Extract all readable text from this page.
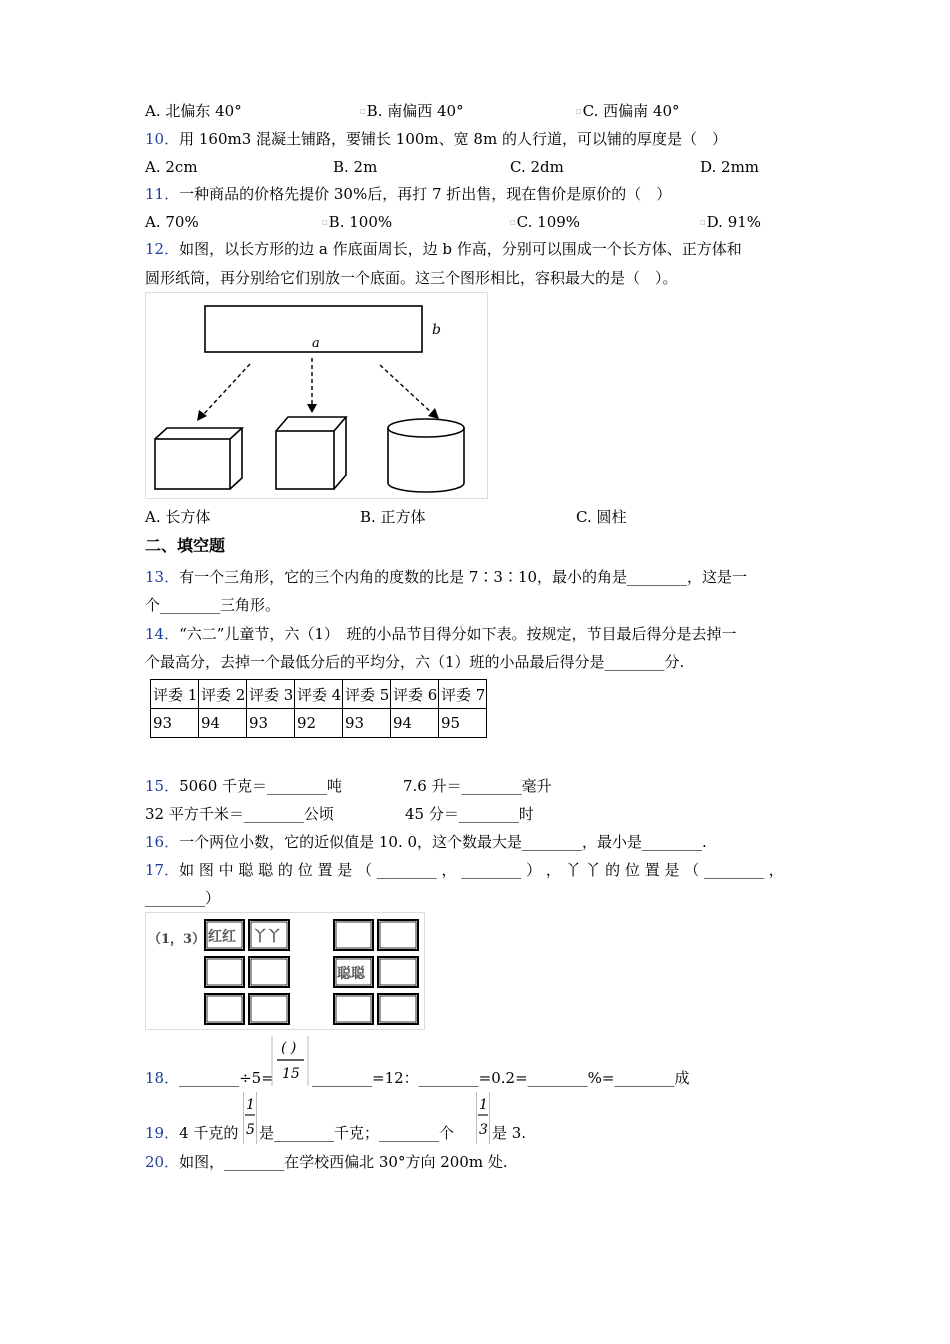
A. 北偏东 40°	□B. 南偏西 40°	□C. 西偏南 40°
10．用 160m3 混凝土铺路，要铺长 100m、宽 8m 的人行道，可以铺的厚度是（　）
A. 2cm	B. 2m	C. 2dm	D. 2mm
11．一种商品的价格先提价 30%后，再打 7 折出售，现在售价是原价的（　）
A. 70%	□B. 100%	□C. 109%	□D. 91%
12．如图，以长方形的边 a 作底面周长，边 b 作高，分别可以围成一个长方体、正方体和
圆形纸筒，再分别给它们别放一个底面。这三个图形相比，容积最大的是（　）。
b
a
A. 长方体	B. 正方体	C. 圆柱
二、填空题
13．有一个三角形，它的三个内角的度数的比是 7∶3∶10，最小的角是________，这是一
个________三角形。
14．“六二”儿童节，六（1）　班的小品节目得分如下表。按规定，节目最后得分是去掉一
个最高分，去掉一个最低分后的平均分，六（1）班的小品最后得分是________分.
评委 1	评委 2	评委 3	评委 4	评委 5	评委 6	评委 7
93	94	93	92	93	94	95
15．5060 千克＝________吨	7.6 升＝________毫升
32 平方千米＝________公顷	45 分＝________时
16．一个两位小数，它的近似值是 10. 0，这个数最大是________，最小是________.
17．如 图 中 聪 聪 的 位 置 是 （ ________ ， ________ ） ， 丫 丫 的 位 置 是 （ ________ ，
________）
（1，3） 红红 丫丫
聪聪
18．________÷5=
( )
15 ________=12：________=0.2=________%=________成
19．4 千克的
1
5 是________千克；________个
1
3 是 3.
20．如图，________在学校西偏北 30°方向 200m 处.
